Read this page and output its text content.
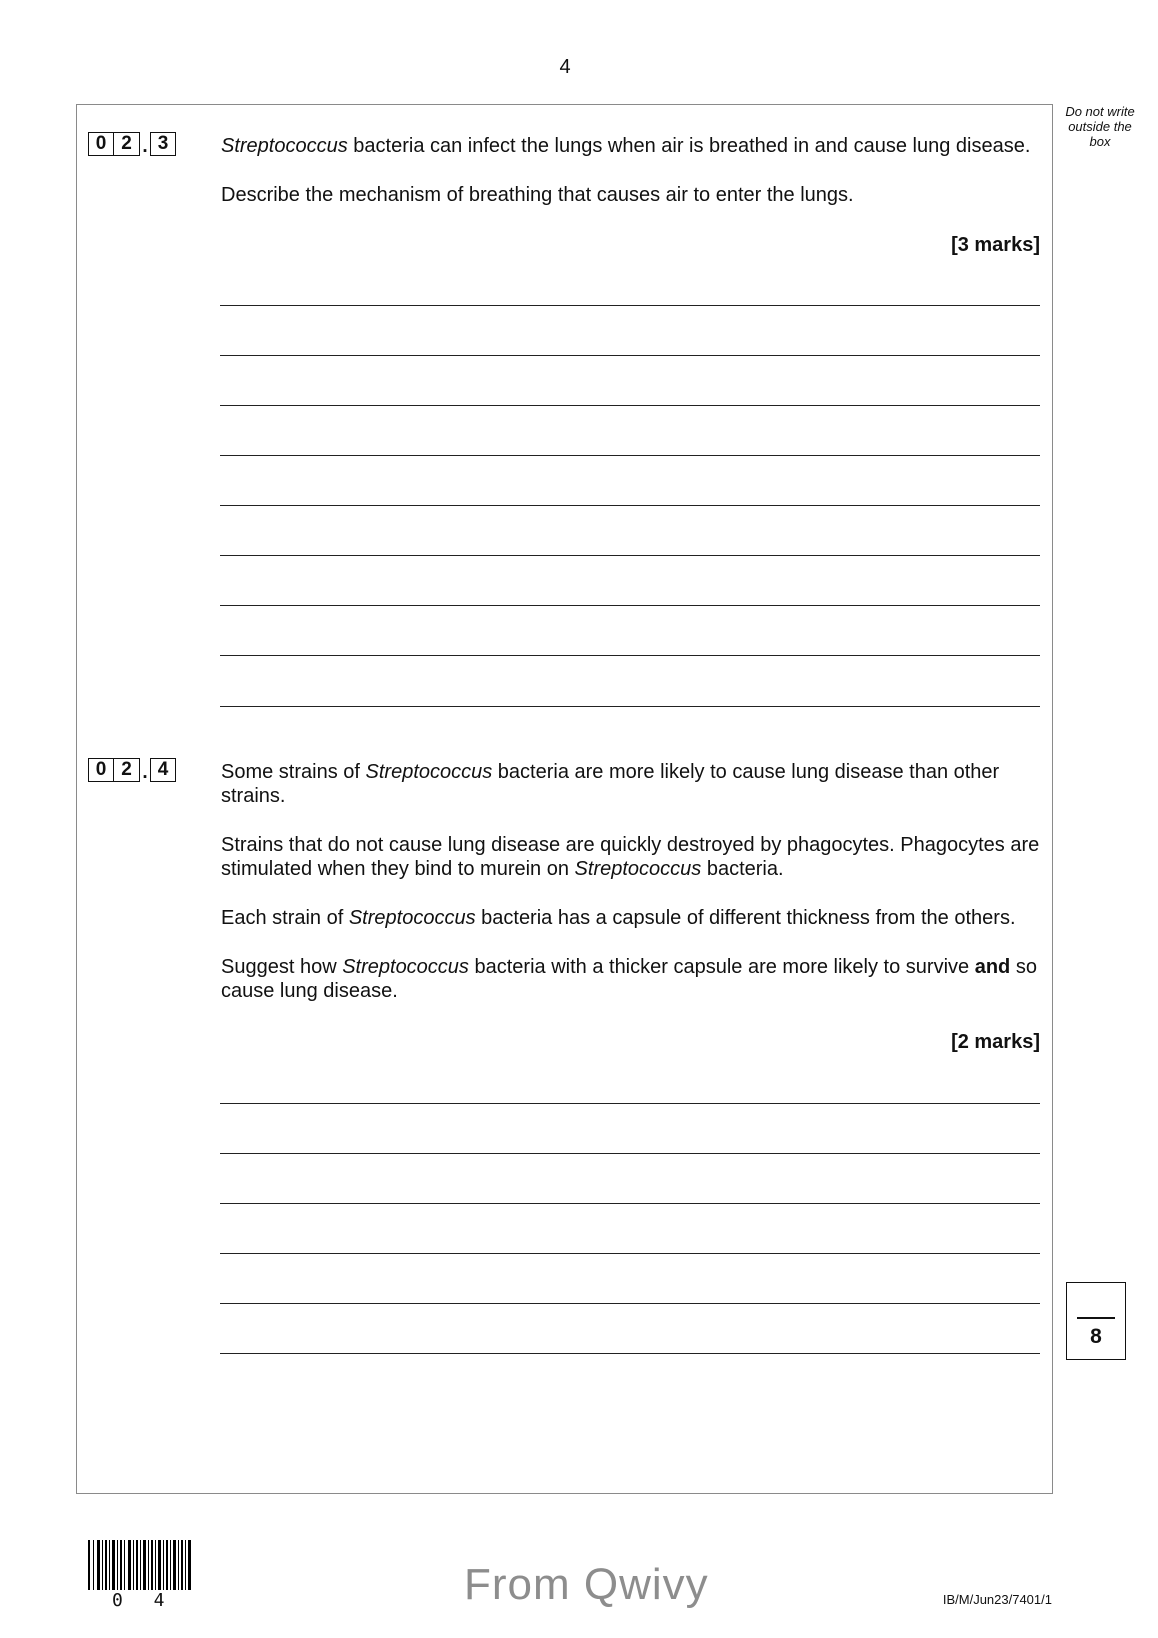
4
Do not write outside the box
0 2 . 3	Streptococcus bacteria can infect the lungs when air is breathed in and cause lung disease.

Describe the mechanism of breathing that causes air to enter the lungs.

[3 marks]
0 2 . 4	Some strains of Streptococcus bacteria are more likely to cause lung disease than other strains.

Strains that do not cause lung disease are quickly destroyed by phagocytes. Phagocytes are stimulated when they bind to murein on Streptococcus bacteria.

Each strain of Streptococcus bacteria has a capsule of different thickness from the others.

Suggest how Streptococcus bacteria with a thicker capsule are more likely to survive and so cause lung disease.

[2 marks]
8
0 4	From Qwivy	IB/M/Jun23/7401/1
